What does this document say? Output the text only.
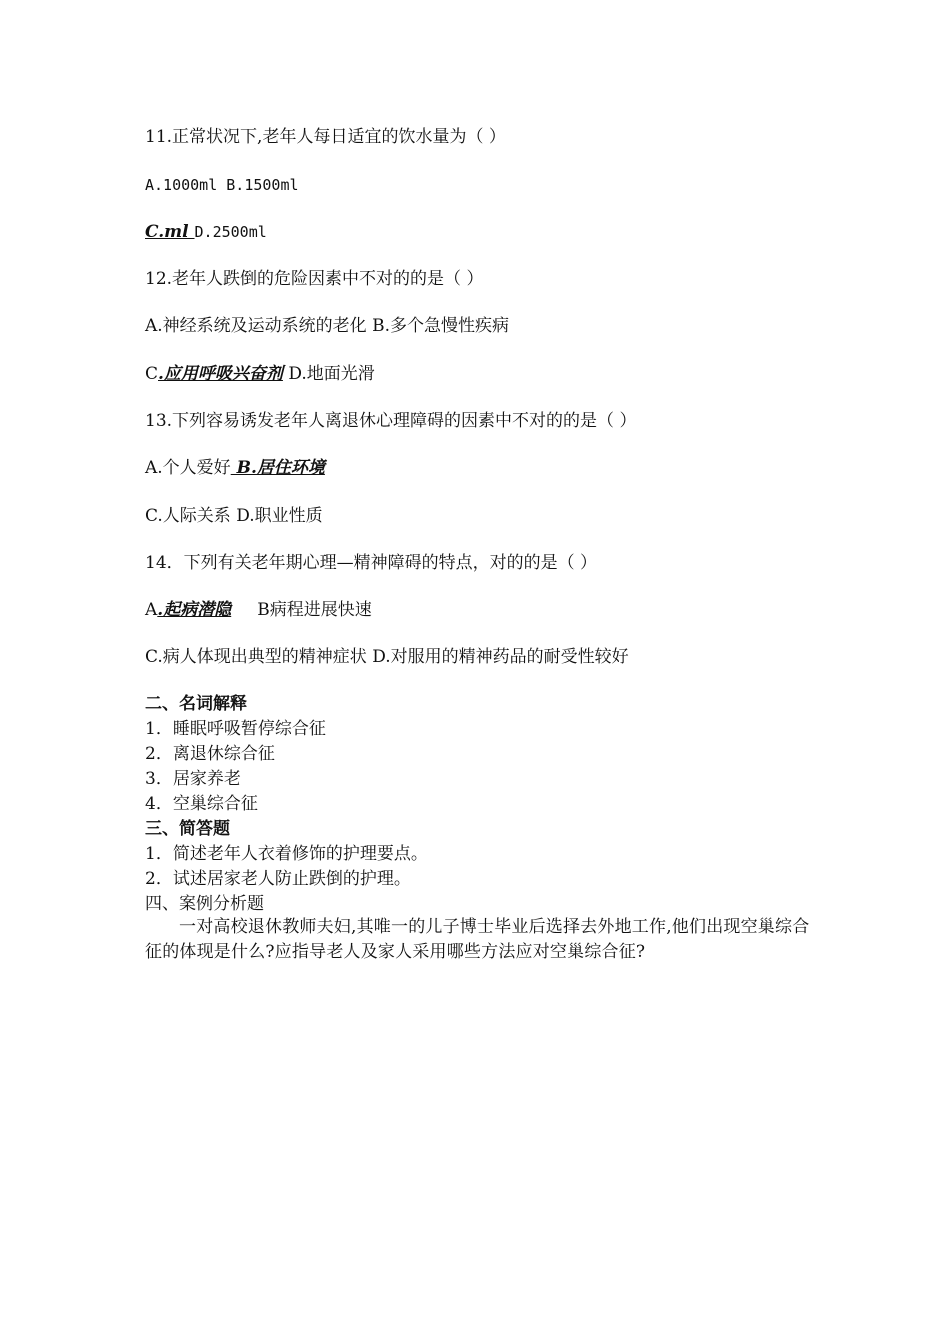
11.正常状况下,老年人每日适宜的饮水量为（ ）
A.1000ml B.1500ml
C.ml D.2500ml
12.老年人跌倒的危险因素中不对的的是（ ）
A.神经系统及运动系统的老化 B.多个急慢性疾病
C.应用呼吸兴奋剂 D.地面光滑
13.下列容易诱发老年人离退休心理障碍的因素中不对的的是（ ）
A.个人爱好 B.居住环境
C.人际关系 D.职业性质
14．下列有关老年期心理—精神障碍的特点，对的的是（ ）
A.起病潜隐 B病程进展快速
C.病人体现出典型的精神症状 D.对服用的精神药品的耐受性较好
二、名词解释
1．睡眠呼吸暂停综合征
2．离退休综合征
3．居家养老
4．空巢综合征
三、简答题
1．简述老年人衣着修饰的护理要点。
2．试述居家老人防止跌倒的护理。
四、案例分析题
一对高校退休教师夫妇,其唯一的儿子博士毕业后选择去外地工作,他们出现空巢综合征的体现是什么?应指导老人及家人采用哪些方法应对空巢综合征?
